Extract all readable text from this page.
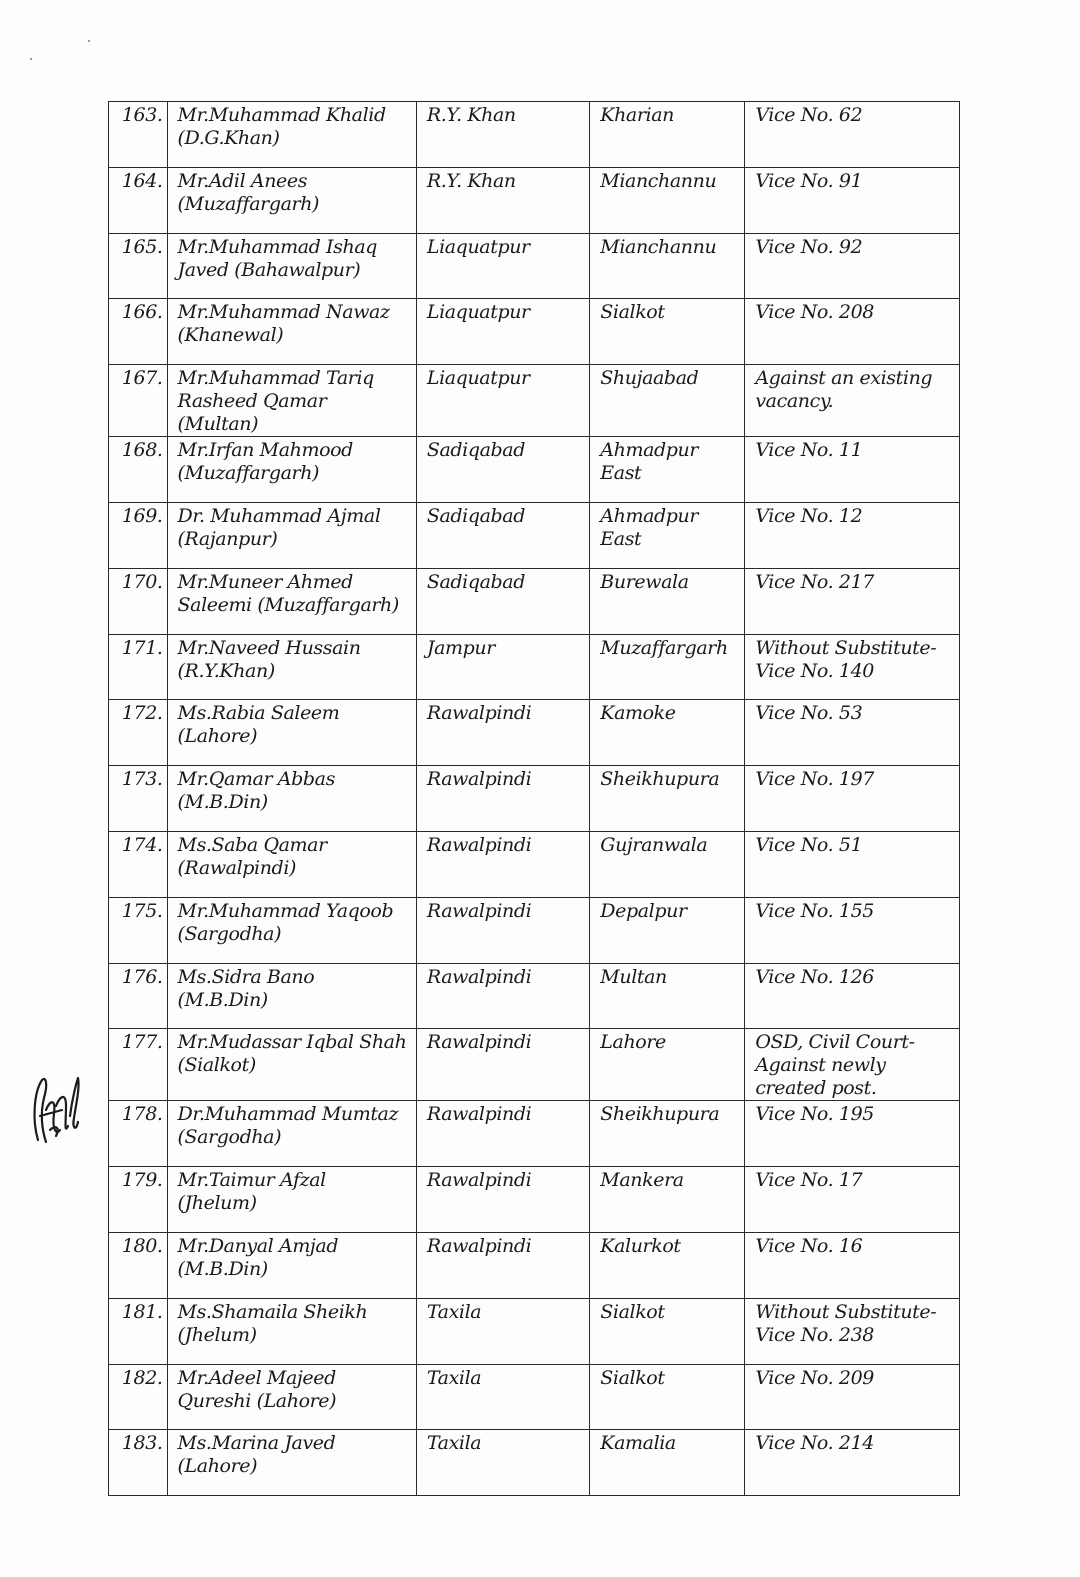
163.	Mr.Muhammad Khalid (D.G.Khan)	R.Y. Khan	Kharian	Vice No. 62
164.	Mr.Adil Anees (Muzaffargarh)	R.Y. Khan	Mianchannu	Vice No. 91
165.	Mr.Muhammad Ishaq Javed (Bahawalpur)	Liaquatpur	Mianchannu	Vice No. 92
166.	Mr.Muhammad Nawaz (Khanewal)	Liaquatpur	Sialkot	Vice No. 208
167.	Mr.Muhammad Tariq Rasheed Qamar (Multan)	Liaquatpur	Shujaabad	Against an existing vacancy.
168.	Mr.Irfan Mahmood (Muzaffargarh)	Sadiqabad	Ahmadpur East	Vice No. 11
169.	Dr. Muhammad Ajmal (Rajanpur)	Sadiqabad	Ahmadpur East	Vice No. 12
170.	Mr.Muneer Ahmed Saleemi (Muzaffargarh)	Sadiqabad	Burewala	Vice No. 217
171.	Mr.Naveed Hussain (R.Y.Khan)	Jampur	Muzaffargarh	Without Substitute-Vice No. 140
172.	Ms.Rabia Saleem (Lahore)	Rawalpindi	Kamoke	Vice No. 53
173.	Mr.Qamar Abbas (M.B.Din)	Rawalpindi	Sheikhupura	Vice No. 197
174.	Ms.Saba Qamar (Rawalpindi)	Rawalpindi	Gujranwala	Vice No. 51
175.	Mr.Muhammad Yaqoob (Sargodha)	Rawalpindi	Depalpur	Vice No. 155
176.	Ms.Sidra Bano (M.B.Din)	Rawalpindi	Multan	Vice No. 126
177.	Mr.Mudassar Iqbal Shah (Sialkot)	Rawalpindi	Lahore	OSD, Civil Court-Against newly created post.
178.	Dr.Muhammad Mumtaz (Sargodha)	Rawalpindi	Sheikhupura	Vice No. 195
179.	Mr.Taimur Afzal (Jhelum)	Rawalpindi	Mankera	Vice No. 17
180.	Mr.Danyal Amjad (M.B.Din)	Rawalpindi	Kalurkot	Vice No. 16
181.	Ms.Shamaila Sheikh (Jhelum)	Taxila	Sialkot	Without Substitute-Vice No. 238
182.	Mr.Adeel Majeed Qureshi (Lahore)	Taxila	Sialkot	Vice No. 209
183.	Ms.Marina Javed (Lahore)	Taxila	Kamalia	Vice No. 214
